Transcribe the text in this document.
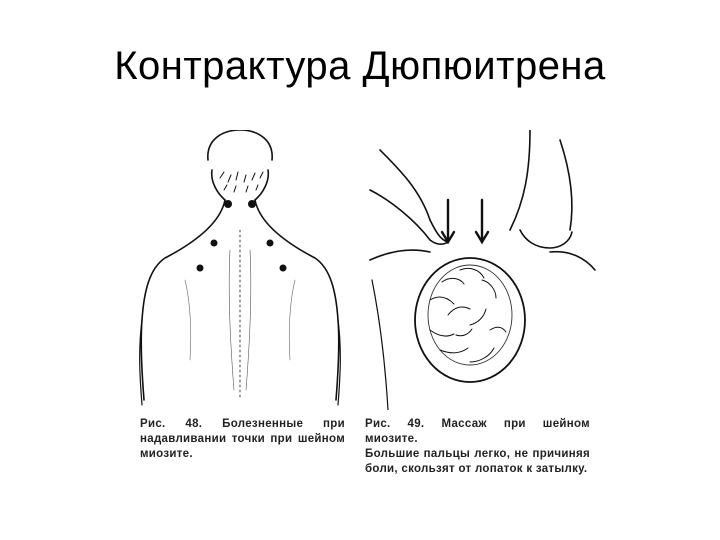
Контрактура Дюпюитрена
Рис. 48. Болезненные при надавливании точки при шейном миозите.

Рис. 49. Массаж при шейном миозите.

Большие пальцы легко, не причиняя боли, скользят от лопаток к затылку.
